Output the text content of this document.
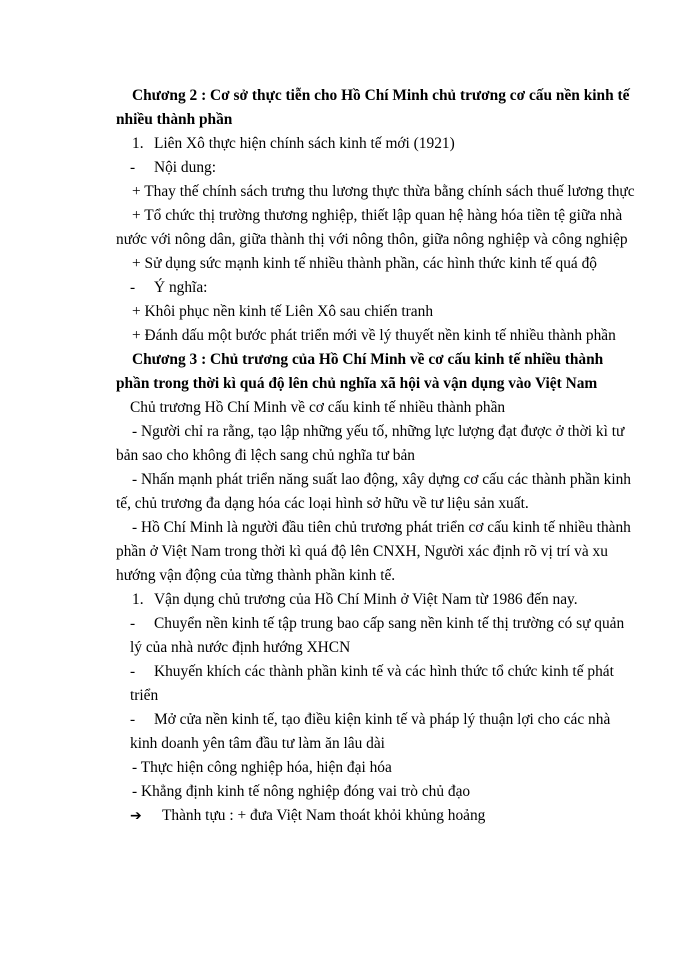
Chương 2 : Cơ sở thực tiễn cho Hồ Chí Minh chủ trương cơ cấu nền kinh tế nhiều thành phần

1. Liên Xô thực hiện chính sách kinh tế mới (1921)

- Nội dung:

+ Thay thế chính sách trưng thu lương thực thừa bằng chính sách thuế lương thực

+ Tổ chức thị trường thương nghiệp, thiết lập quan hệ hàng hóa tiền tệ giữa nhà nước với nông dân, giữa thành thị với nông thôn, giữa nông nghiệp và công nghiệp

+ Sử dụng sức mạnh kinh tế nhiều thành phần, các hình thức kinh tế quá độ

- Ý nghĩa:

+ Khôi phục nền kinh tế Liên Xô sau chiến tranh

+ Đánh dấu một bước phát triển mới về lý thuyết nền kinh tế nhiều thành phần

Chương 3 : Chủ trương của Hồ Chí Minh về cơ cấu kinh tế nhiều thành phần trong thời kì quá độ lên chủ nghĩa xã hội và vận dụng vào Việt Nam

Chủ trương Hồ Chí Minh về cơ cấu kinh tế nhiều thành phần

- Người chỉ ra rằng, tạo lập những yếu tố, những lực lượng đạt được ở thời kì tư bản sao cho không đi lệch sang chủ nghĩa tư bản

- Nhấn mạnh phát triển năng suất lao động, xây dựng cơ cấu các thành phần kinh tế, chủ trương đa dạng hóa các loại hình sở hữu về tư liệu sản xuất.

- Hồ Chí Minh là người đầu tiên chủ trương phát triển cơ cấu kinh tế nhiều thành phần ở Việt Nam trong thời kì quá độ lên CNXH, Người xác định rõ vị trí và xu hướng vận động của từng thành phần kinh tế.

1. Vận dụng chủ trương của Hồ Chí Minh ở Việt Nam từ 1986 đến nay.

- Chuyển nền kinh tế tập trung bao cấp sang nền kinh tế thị trường có sự quản lý của nhà nước định hướng XHCN

- Khuyến khích các thành phần kinh tế và các hình thức tổ chức kinh tế phát triển

- Mở cửa nền kinh tế, tạo điều kiện kinh tế và pháp lý thuận lợi cho các nhà kinh doanh yên tâm đầu tư làm ăn lâu dài

- Thực hiện công nghiệp hóa, hiện đại hóa

- Khẳng định kinh tế nông nghiệp đóng vai trò chủ đạo

➔ Thành tựu : + đưa Việt Nam thoát khỏi khủng hoảng
